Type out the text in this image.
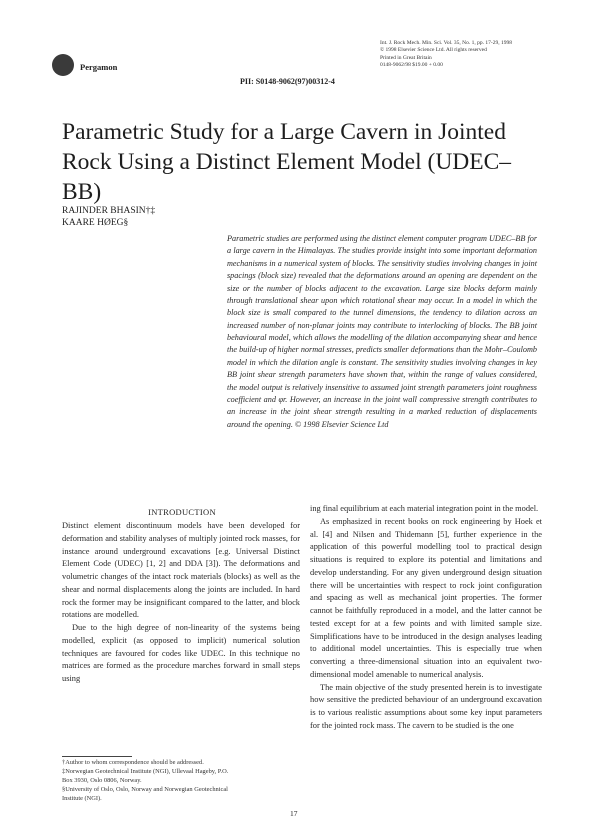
Pergamon
PII: S0148-9062(97)00312-4
Int. J. Rock Mech. Min. Sci. Vol. 35, No. 1, pp. 17-29, 1998
© 1998 Elsevier Science Ltd. All rights reserved
Printed in Great Britain
0148-9062/98 $19.00 + 0.00
Parametric Study for a Large Cavern in Jointed Rock Using a Distinct Element Model (UDEC–BB)
RAJINDER BHASIN†‡
KAARE HØEG§
Parametric studies are performed using the distinct element computer program UDEC–BB for a large cavern in the Himalayas. The studies provide insight into some important deformation mechanisms in a numerical system of blocks. The sensitivity studies involving changes in joint spacings (block size) revealed that the deformations around an opening are dependent on the size or the number of blocks adjacent to the excavation. Large size blocks deform mainly through translational shear upon which rotational shear may occur. In a model in which the block size is small compared to the tunnel dimensions, the tendency to dilation across an increased number of non-planar joints may contribute to interlocking of blocks. The BB joint behavioural model, which allows the modelling of the dilation accompanying shear and hence the build-up of higher normal stresses, predicts smaller deformations than the Mohr–Coulomb model in which the dilation angle is constant. The sensitivity studies involving changes in key BB joint shear strength parameters have shown that, within the range of values considered, the model output is relatively insensitive to assumed joint strength parameters joint roughness coefficient and φr. However, an increase in the joint wall compressive strength contributes to an increase in the joint shear strength resulting in a marked reduction of displacements around the opening. © 1998 Elsevier Science Ltd
INTRODUCTION

Distinct element discontinuum models have been developed for deformation and stability analyses of multiply jointed rock masses, for instance around underground excavations [e.g. Universal Distinct Element Code (UDEC) [1, 2] and DDA [3]). The deformations and volumetric changes of the intact rock materials (blocks) as well as the shear and normal displacements along the joints are included. In hard rock the former may be insignificant compared to the latter, and block rotations are modelled.

Due to the high degree of non-linearity of the systems being modelled, explicit (as opposed to implicit) numerical solution techniques are favoured for codes like UDEC. In this technique no matrices are formed as the procedure marches forward in small steps using

ing final equilibrium at each material integration point in the model.

As emphasized in recent books on rock engineering by Hoek et al. [4] and Nilsen and Thidemann [5], further experience in the application of this powerful modelling tool to practical design situations is required to explore its potential and limitations and develop understanding. For any given underground design situation there will be uncertainties with respect to rock joint configuration and spacing as well as mechanical joint properties. The former cannot be faithfully reproduced in a model, and the latter cannot be tested except for at a few points and with limited sample size. Simplifications have to be introduced in the design analyses leading to additional model uncertainties. This is especially true when converting a three-dimensional situation into an equivalent two-dimensional model amenable to numerical analysis.

The main objective of the study presented herein is to investigate how sensitive the predicted behaviour of an underground excavation is to various realistic assumptions about some key input parameters for the jointed rock mass. The cavern to be studied is the one

†Author to whom correspondence should be addressed.
‡Norwegian Geotechnical Institute (NGI), Ullevaal Hageby, P.O.
Box 3930, Oslo 0806, Norway.
§University of Oslo, Oslo, Norway and Norwegian Geotechnical
Institute (NGI).
17
